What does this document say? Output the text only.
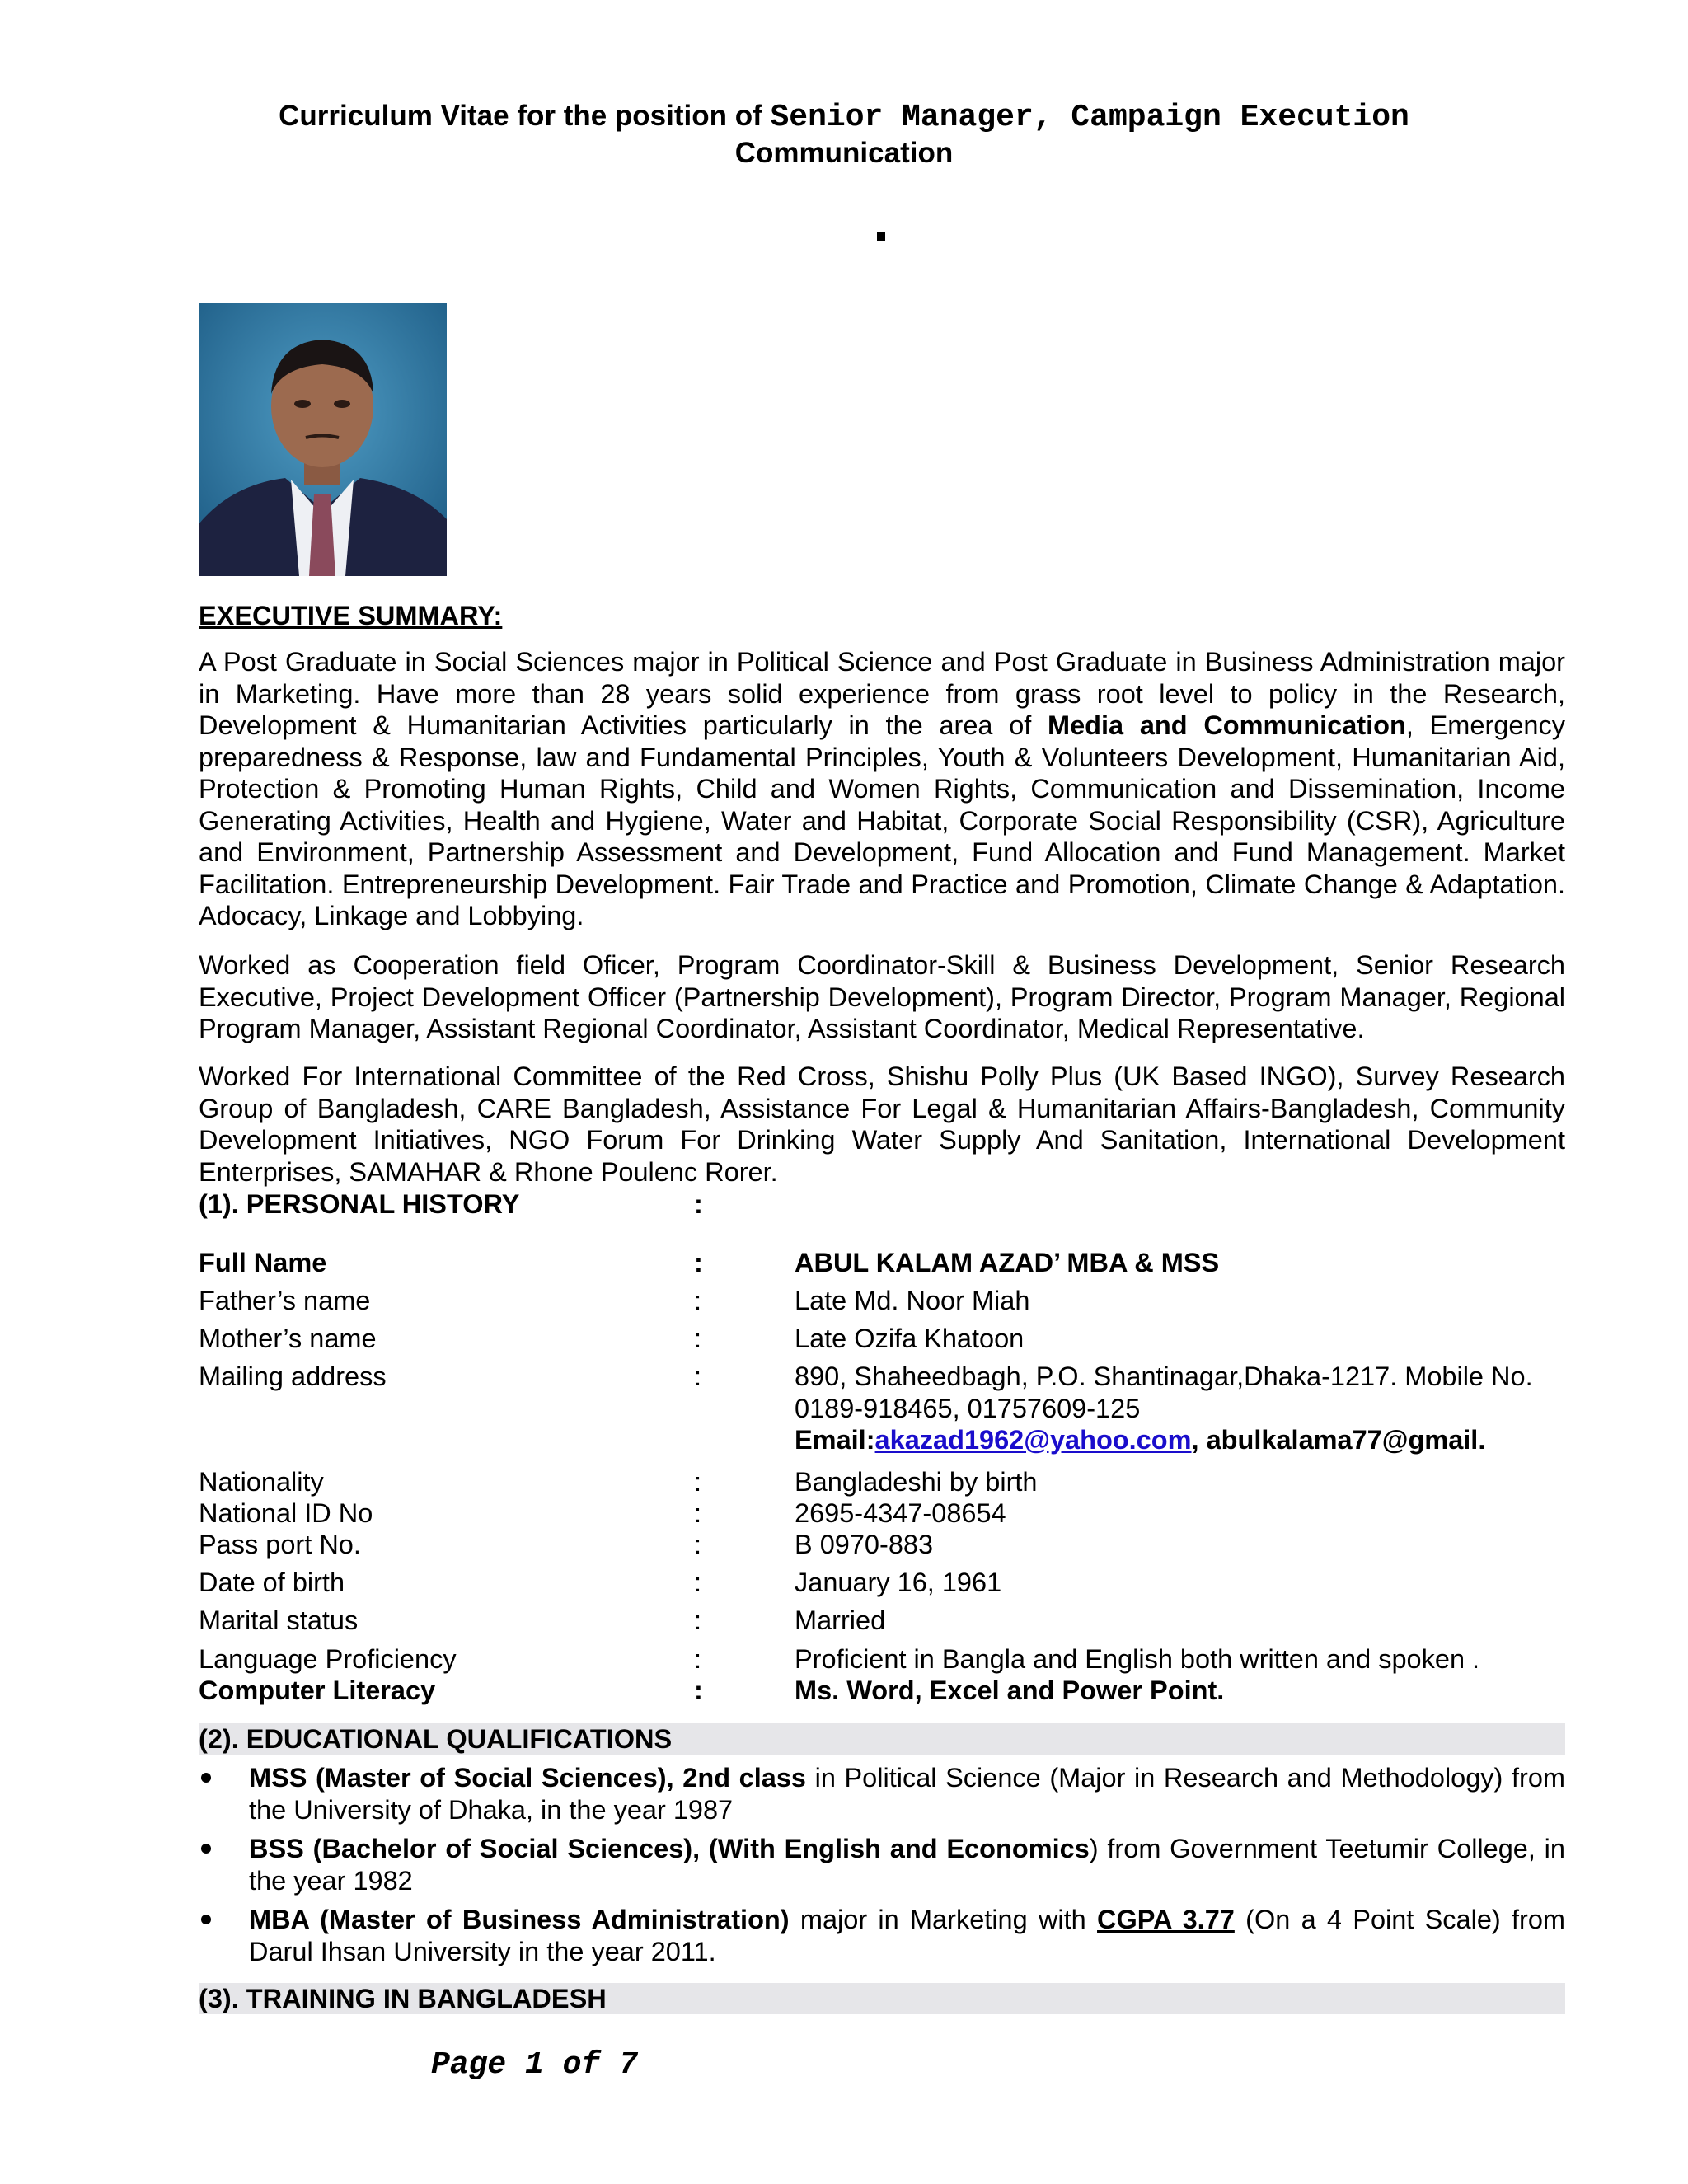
Curriculum Vitae for the position of Senior Manager, Campaign Execution
Communication
EXECUTIVE SUMMARY:
A Post Graduate in Social Sciences major in Political Science and Post Graduate in Business Administration major in Marketing. Have more than 28 years solid experience from grass root level to policy in the Research, Development & Humanitarian Activities particularly in the area of Media and Communication, Emergency preparedness & Response, law and Fundamental Principles, Youth & Volunteers Development, Humanitarian Aid, Protection & Promoting Human Rights, Child and Women Rights, Communication and Dissemination, Income Generating Activities, Health and Hygiene, Water and Habitat, Corporate Social Responsibility (CSR), Agriculture and Environment, Partnership Assessment and Development, Fund Allocation and Fund Management. Market Facilitation. Entrepreneurship Development. Fair Trade and Practice and Promotion, Climate Change & Adaptation. Adocacy, Linkage and Lobbying.
Worked as Cooperation field Oficer, Program Coordinator-Skill & Business Development, Senior Research Executive, Project Development Officer (Partnership Development), Program Director, Program Manager, Regional Program Manager, Assistant Regional Coordinator, Assistant Coordinator, Medical Representative.
Worked For International Committee of the Red Cross, Shishu Polly Plus (UK Based INGO), Survey Research Group of Bangladesh, CARE Bangladesh, Assistance For Legal & Humanitarian Affairs-Bangladesh, Community Development Initiatives, NGO Forum For Drinking Water Supply And Sanitation, International Development Enterprises, SAMAHAR & Rhone Poulenc Rorer.
(1). PERSONAL HISTORY	:
Full Name	:	ABUL KALAM AZAD’ MBA & MSS
Father’s name	:	Late Md. Noor Miah
Mother’s name	:	Late Ozifa Khatoon
Mailing address	:	890, Shaheedbagh, P.O. Shantinagar,Dhaka-1217. Mobile No. 0189-918465, 01757609-125
Email:akazad1962@yahoo.com, abulkalama77@gmail.
Nationality	:	Bangladeshi by birth
National ID No	:	2695-4347-08654
Pass port No.	:	B 0970-883
Date of birth	:	January 16, 1961
Marital status	:	Married
Language Proficiency	:	Proficient in Bangla and English both written and spoken .
Computer Literacy	:	Ms. Word, Excel and Power Point.
(2). EDUCATIONAL QUALIFICATIONS
MSS (Master of Social Sciences), 2nd class in Political Science (Major in Research and Methodology) from the University of Dhaka, in the year 1987
BSS (Bachelor of Social Sciences), (With English and Economics) from Government Teetumir College, in the year 1982
MBA (Master of Business Administration) major in Marketing with CGPA 3.77 (On a 4 Point Scale) from Darul Ihsan University in the year 2011.
(3). TRAINING IN BANGLADESH
Page 1 of 7
